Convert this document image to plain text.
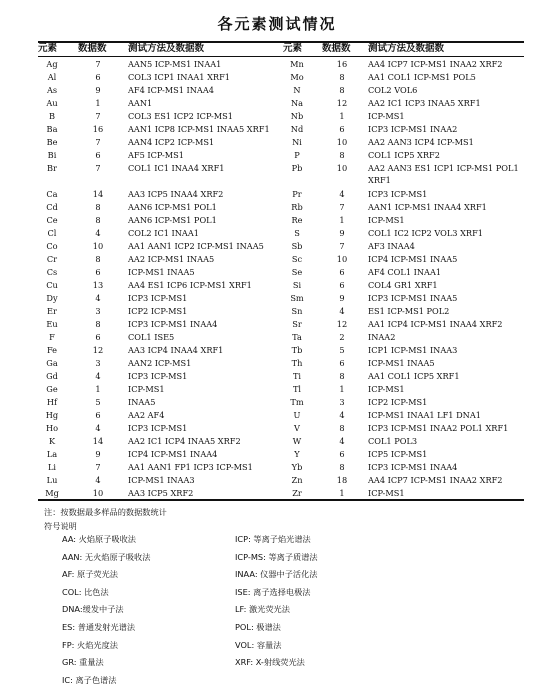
各元素测试情况
元素	数据数	测试方法及数据数	元素	数据数	测试方法及数据数
Ag	7	AAN5 ICP-MS1 INAA1	Mn	16	AA4 ICP7 ICP-MS1 INAA2 XRF2
Al	6	COL3 ICP1 INAA1 XRF1	Mo	8	AA1 COL1 ICP-MS1 POL5
As	9	AF4 ICP-MS1 INAA4	N	8	COL2 VOL6
Au	1	AAN1	Na	12	AA2 IC1 ICP3 INAA5 XRF1
B	7	COL3 ES1 ICP2 ICP-MS1	Nb	1	ICP-MS1
Ba	16	AAN1 ICP8 ICP-MS1 INAA5 XRF1	Nd	6	ICP3 ICP-MS1 INAA2
Be	7	AAN4 ICP2 ICP-MS1	Ni	10	AA2 AAN3 ICP4 ICP-MS1
Bi	6	AF5 ICP-MS1	P	8	COL1 ICP5 XRF2
Br	7	COL1 IC1 INAA4 XRF1	Pb	10	AA2 AAN3 ES1 ICP1 ICP-MS1 POL1 XRF1
Ca	14	AA3 ICP5 INAA4 XRF2	Pr	4	ICP3 ICP-MS1
Cd	8	AAN6 ICP-MS1 POL1	Rb	7	AAN1 ICP-MS1 INAA4 XRF1
Ce	8	AAN6 ICP-MS1 POL1	Re	1	ICP-MS1
Cl	4	COL2 IC1 INAA1	S	9	COL1 IC2 ICP2 VOL3 XRF1
Co	10	AA1 AAN1 ICP2 ICP-MS1 INAA5	Sb	7	AF3 INAA4
Cr	8	AA2 ICP-MS1 INAA5	Sc	10	ICP4 ICP-MS1 INAA5
Cs	6	ICP-MS1 INAA5	Se	6	AF4 COL1 INAA1
Cu	13	AA4 ES1 ICP6 ICP-MS1 XRF1	Si	6	COL4 GR1 XRF1
Dy	4	ICP3 ICP-MS1	Sm	9	ICP3 ICP-MS1 INAA5
Er	3	ICP2 ICP-MS1	Sn	4	ES1 ICP-MS1 POL2
Eu	8	ICP3 ICP-MS1 INAA4	Sr	12	AA1 ICP4 ICP-MS1 INAA4 XRF2
F	6	COL1 ISE5	Ta	2	INAA2
Fe	12	AA3 ICP4 INAA4 XRF1	Tb	5	ICP1 ICP-MS1 INAA3
Ga	3	AAN2 ICP-MS1	Th	6	ICP-MS1 INAA5
Gd	4	ICP3 ICP-MS1	Ti	8	AA1 COL1 ICP5 XRF1
Ge	1	ICP-MS1	Tl	1	ICP-MS1
Hf	5	INAA5	Tm	3	ICP2 ICP-MS1
Hg	6	AA2 AF4	U	4	ICP-MS1 INAA1 LF1 DNA1
Ho	4	ICP3 ICP-MS1	V	8	ICP3 ICP-MS1 INAA2 POL1 XRF1
K	14	AA2 IC1 ICP4 INAA5 XRF2	W	4	COL1 POL3
La	9	ICP4 ICP-MS1 INAA4	Y	6	ICP5 ICP-MS1
Li	7	AA1 AAN1 FP1 ICP3 ICP-MS1	Yb	8	ICP3 ICP-MS1 INAA4
Lu	4	ICP-MS1 INAA3	Zn	18	AA4 ICP7 ICP-MS1 INAA2 XRF2
Mg	10	AA3 ICP5 XRF2	Zr	1	ICP-MS1
注：按数据最多样品的数据数统计
符号说明
AA: 火焰原子吸收法
AAN: 无火焰原子吸收法
AF: 原子荧光法
COL: 比色法
DNA:缓发中子法
ES: 普通发射光谱法
FP: 火焰光度法
GR: 重量法
IC: 离子色谱法
ICP: 等离子焰光谱法
ICP-MS: 等离子质谱法
INAA: 仪器中子活化法
ISE: 离子选择电极法
LF: 激光荧光法
POL: 极谱法
VOL: 容量法
XRF: X-射线荧光法
